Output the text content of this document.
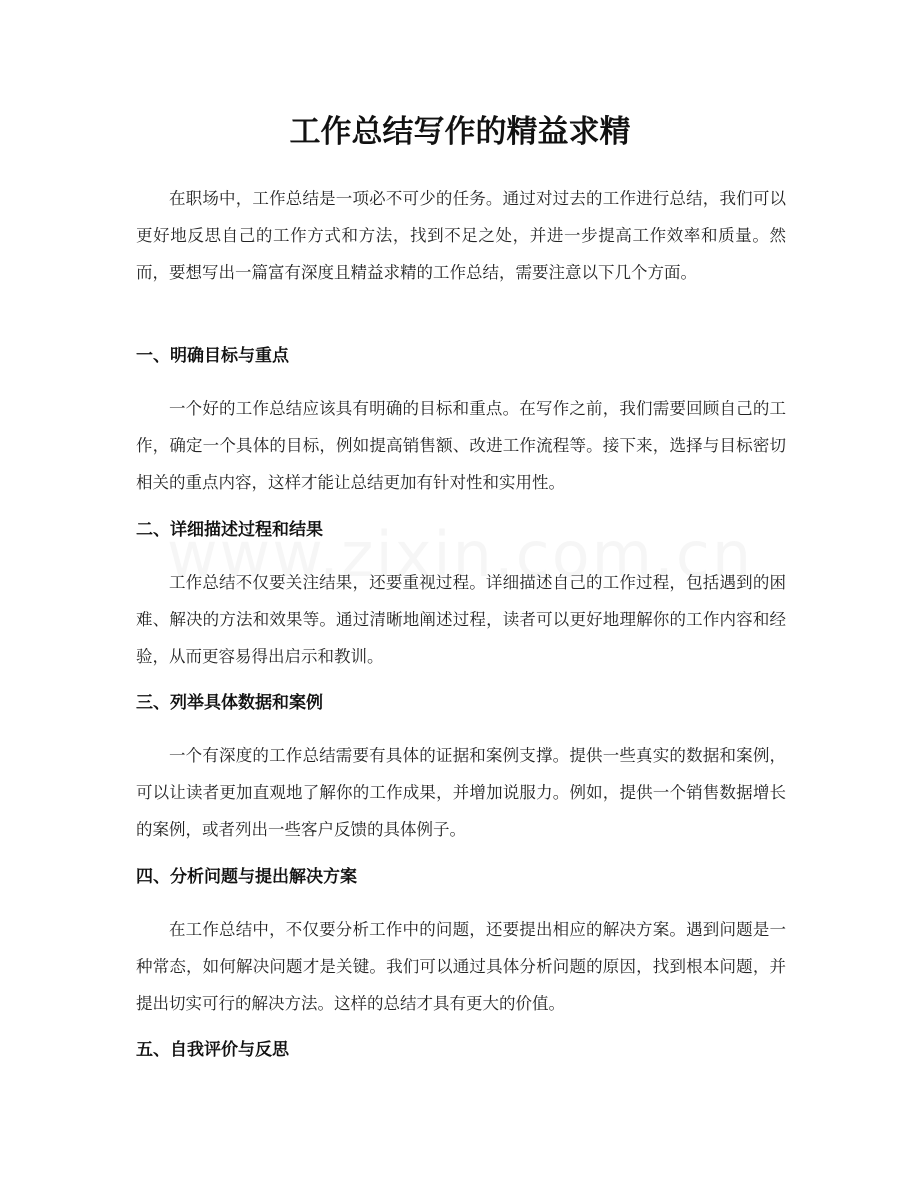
工作总结写作的精益求精

在职场中，工作总结是一项必不可少的任务。通过对过去的工作进行总结，我们可以更好地反思自己的工作方式和方法，找到不足之处，并进一步提高工作效率和质量。然而，要想写出一篇富有深度且精益求精的工作总结，需要注意以下几个方面。

一、明确目标与重点

一个好的工作总结应该具有明确的目标和重点。在写作之前，我们需要回顾自己的工作，确定一个具体的目标，例如提高销售额、改进工作流程等。接下来，选择与目标密切相关的重点内容，这样才能让总结更加有针对性和实用性。

二、详细描述过程和结果

工作总结不仅要关注结果，还要重视过程。详细描述自己的工作过程，包括遇到的困难、解决的方法和效果等。通过清晰地阐述过程，读者可以更好地理解你的工作内容和经验，从而更容易得出启示和教训。

三、列举具体数据和案例

一个有深度的工作总结需要有具体的证据和案例支撑。提供一些真实的数据和案例，可以让读者更加直观地了解你的工作成果，并增加说服力。例如，提供一个销售数据增长的案例，或者列出一些客户反馈的具体例子。

四、分析问题与提出解决方案

在工作总结中，不仅要分析工作中的问题，还要提出相应的解决方案。遇到问题是一种常态，如何解决问题才是关键。我们可以通过具体分析问题的原因，找到根本问题，并提出切实可行的解决方法。这样的总结才具有更大的价值。

五、自我评价与反思
